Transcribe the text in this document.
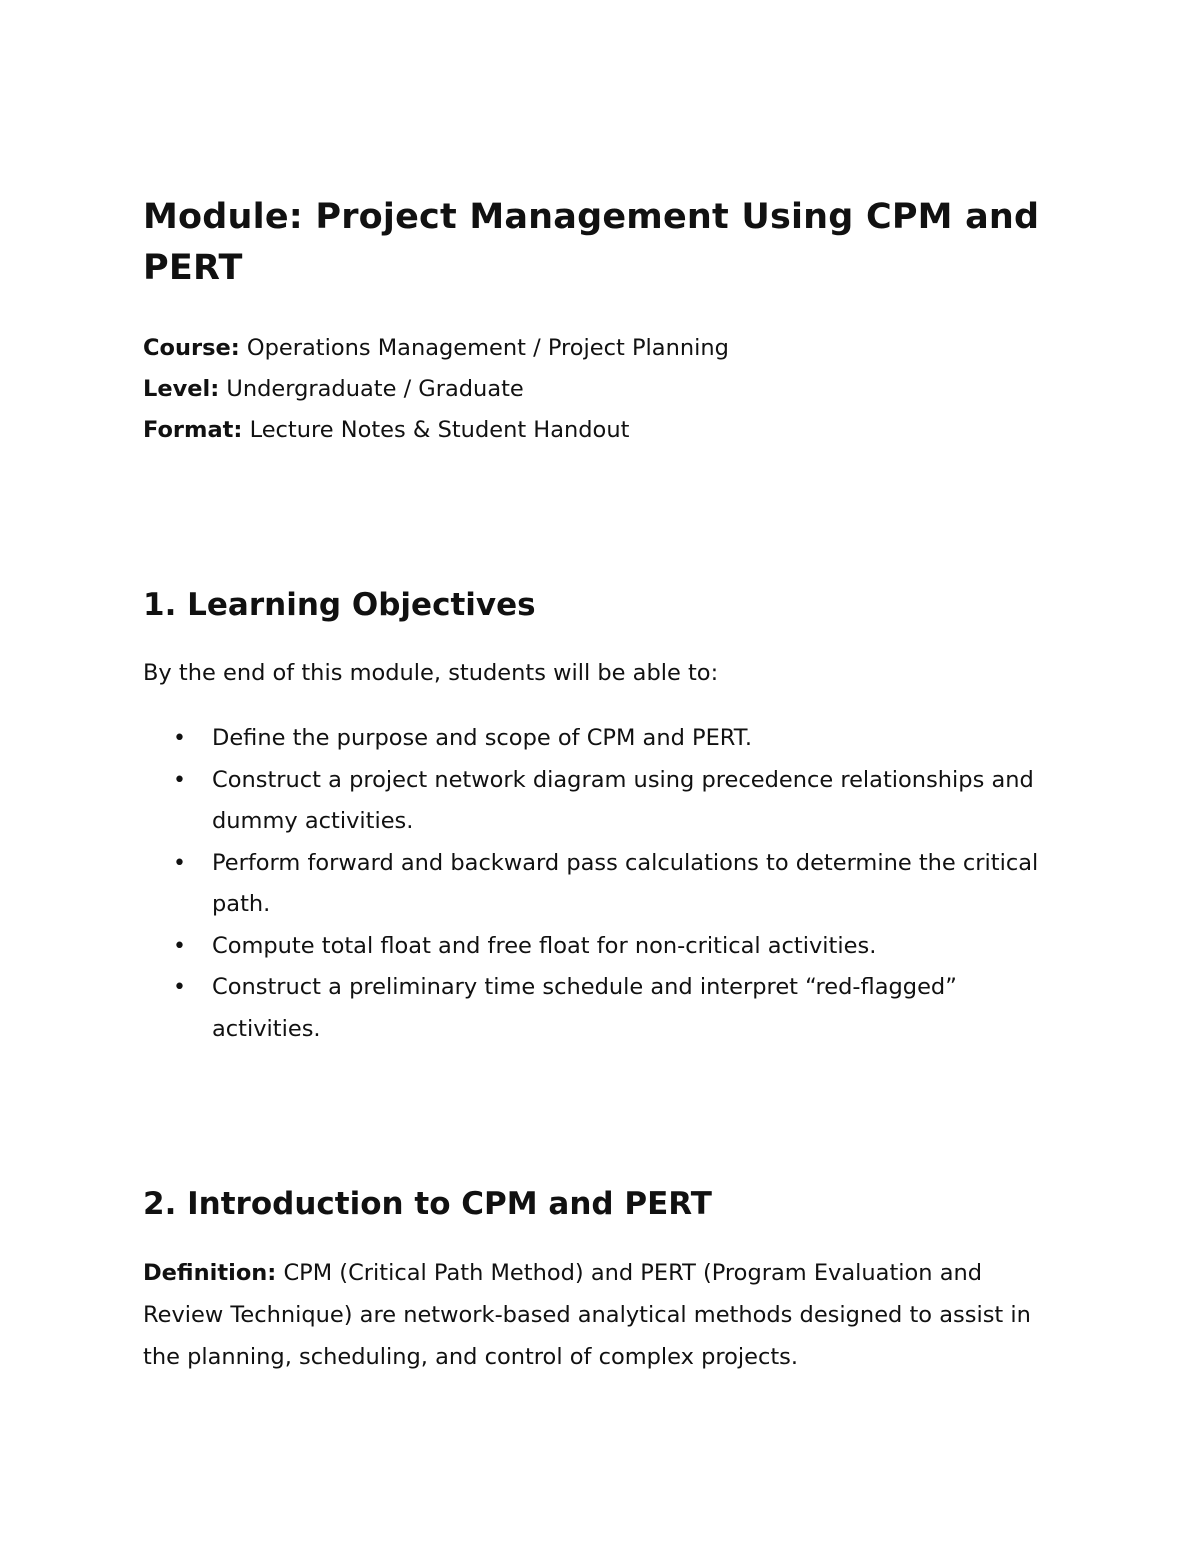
Module: Project Management Using CPM and PERT
Course: Operations Management / Project Planning
Level: Undergraduate / Graduate
Format: Lecture Notes & Student Handout
1. Learning Objectives

By the end of this module, students will be able to:

• Define the purpose and scope of CPM and PERT.
• Construct a project network diagram using precedence relationships and dummy activities.
• Perform forward and backward pass calculations to determine the critical path.
• Compute total float and free float for non-critical activities.
• Construct a preliminary time schedule and interpret “red-flagged” activities.
2. Introduction to CPM and PERT

Definition: CPM (Critical Path Method) and PERT (Program Evaluation and Review Technique) are network-based analytical methods designed to assist in the planning, scheduling, and control of complex projects.
